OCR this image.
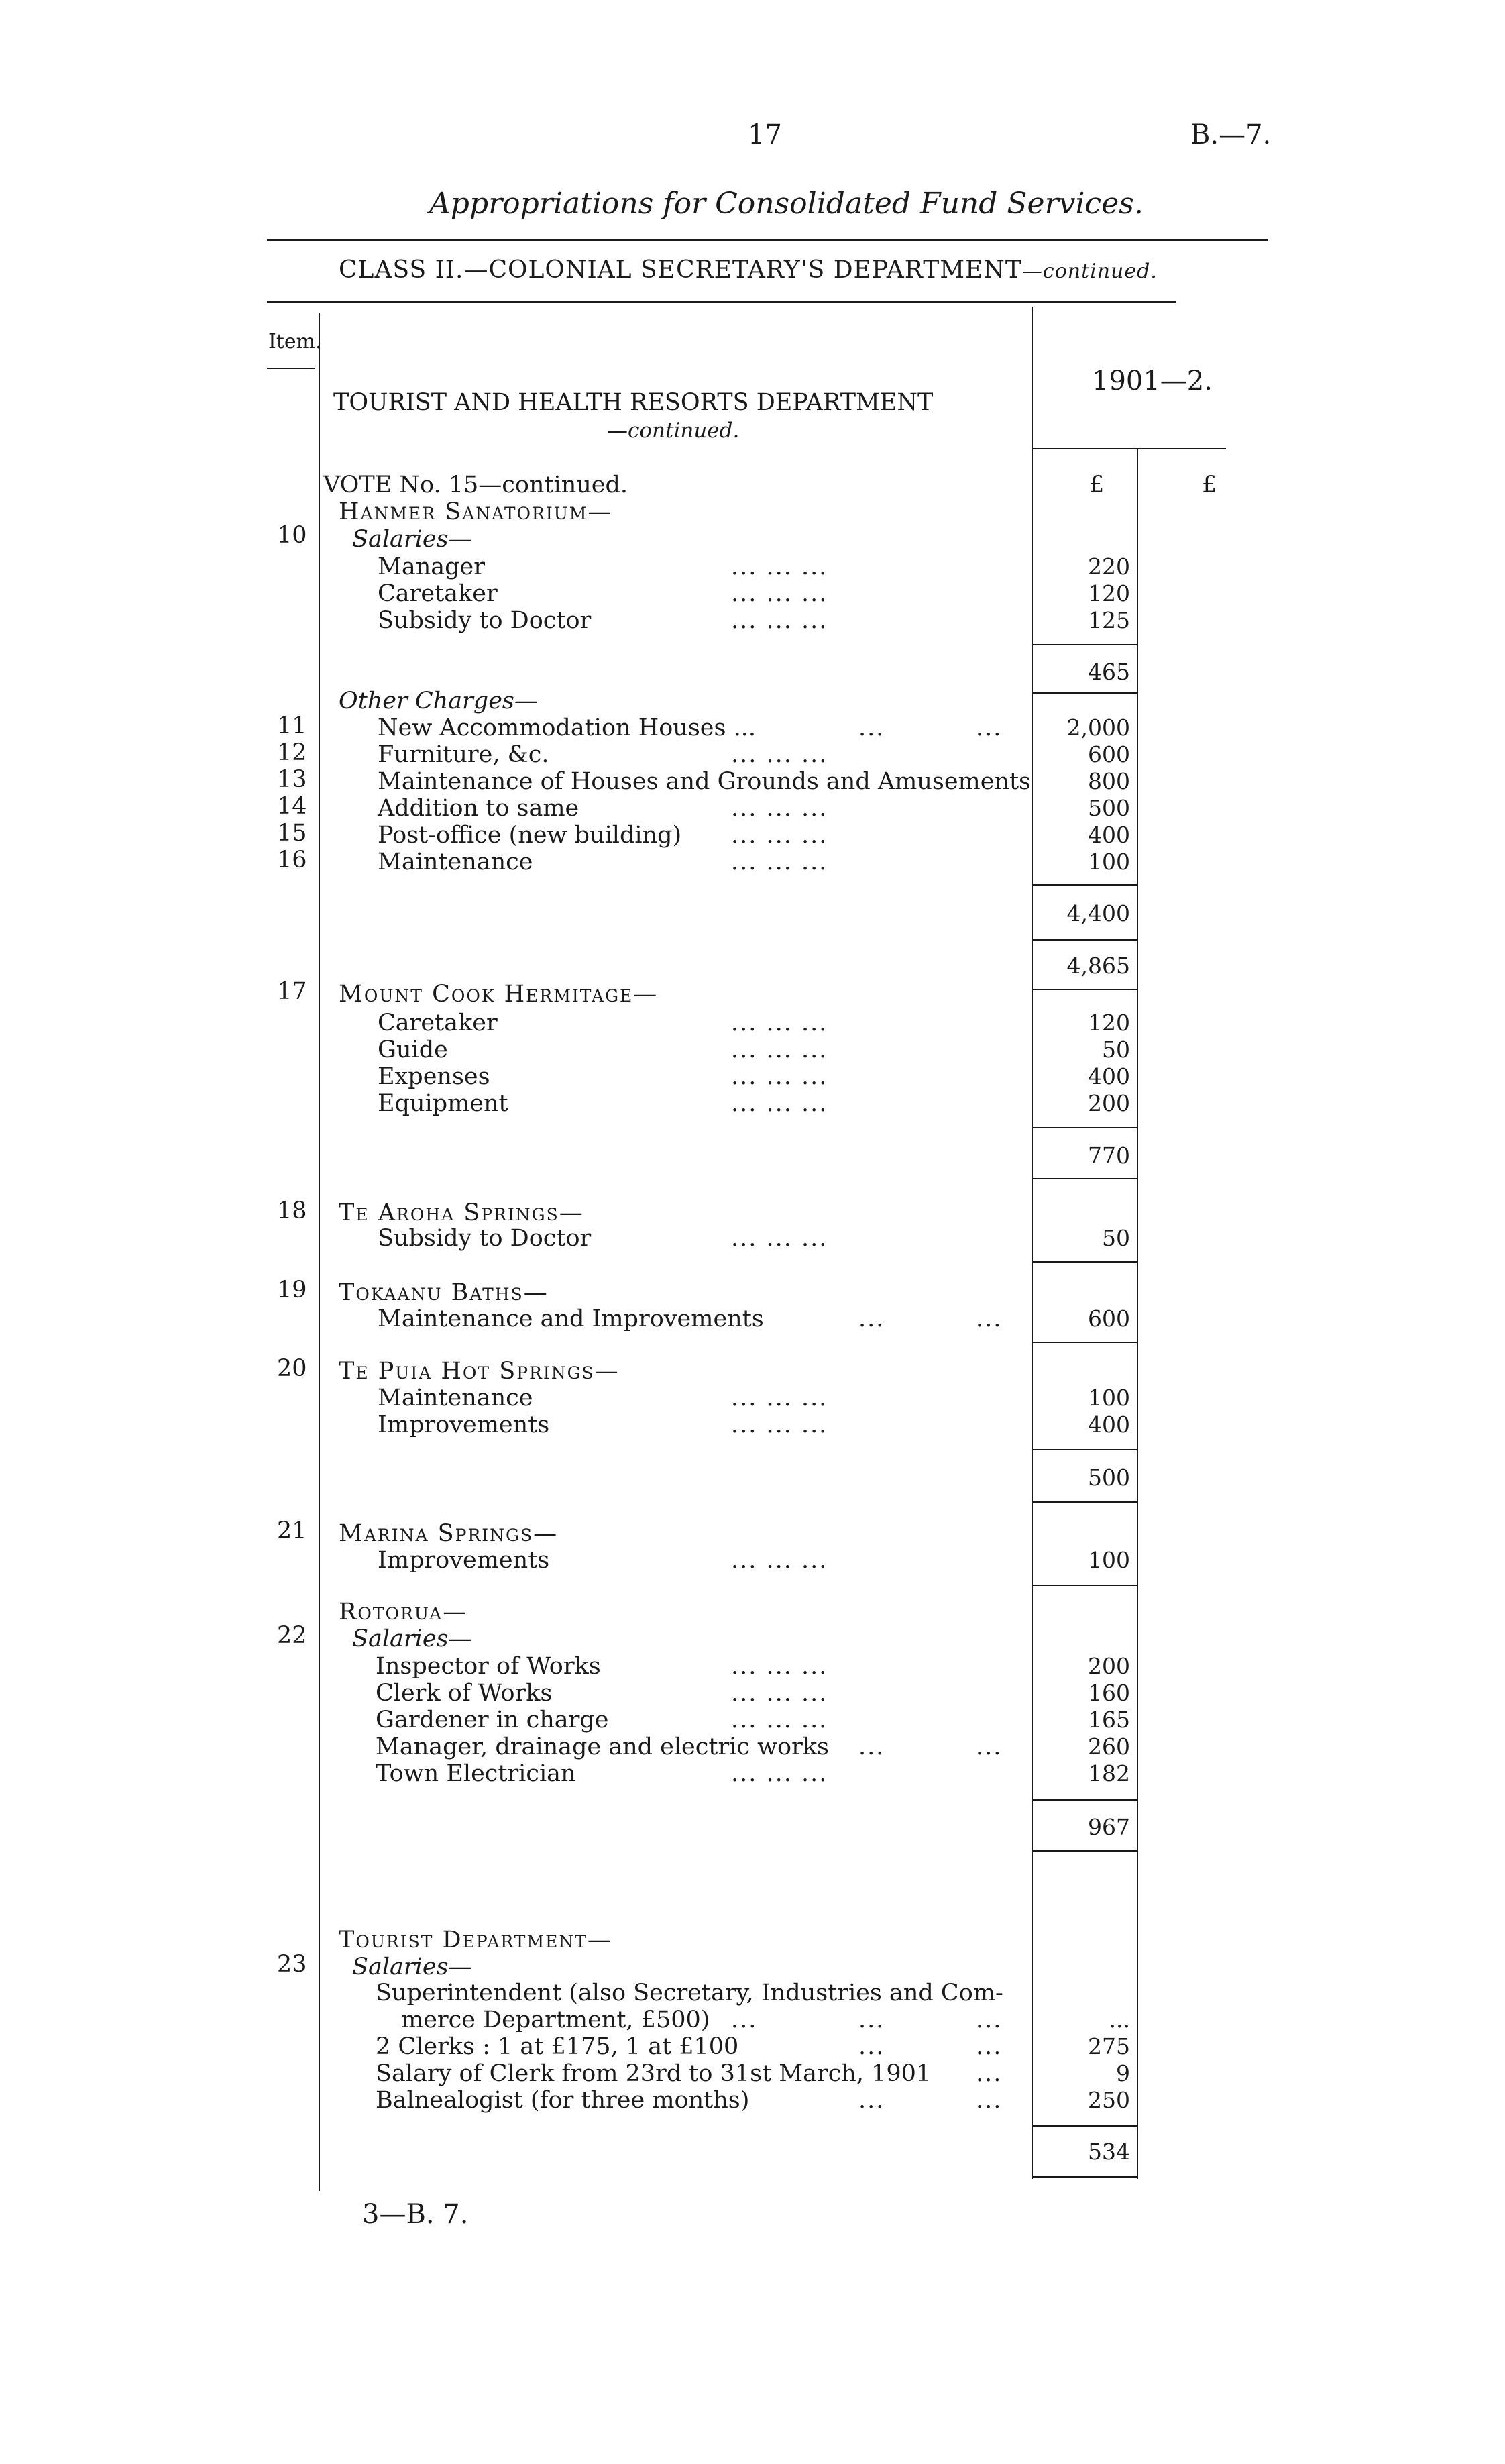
17	B.—7.
Appropriations for Consolidated Fund Services.
CLASS II.—COLONIAL SECRETARY'S DEPARTMENT—continued.
Item.
TOURIST AND HEALTH RESORTS DEPARTMENT
—continued.
1901—2.
VOTE No. 15—continued.	£	£
Hanmer Sanatorium—
10 Salaries—
Manager	... ... ...	220
Caretaker	... ... ...	120
Subsidy to Doctor	... ... ...	125
465
Other Charges—
11	New Accommodation Houses ...	...	...	2,000
12	Furniture, &c.	... ... ...	600
13	Maintenance of Houses and Grounds and Amusements	800
14	Addition to same	... ... ...	500
15	Post-office (new building) ... ... ...	400
16	Maintenance	... ... ...	100
4,400
4,865
17 Mount Cook Hermitage—
Caretaker	... ... ...	120
Guide	... ... ...	50
Expenses	... ... ...	400
Equipment	... ... ...	200
770
18 Te Aroha Springs—
Subsidy to Doctor	... ... ...	50
19 Tokaanu Baths—
Maintenance and Improvements	...	...	600
20 Te Puia Hot Springs—
Maintenance	... ... ...	100
Improvements	... ... ...	400
500
21 Marina Springs—
Improvements	... ... ...	100
Rotorua—
22 Salaries—
Inspector of Works	... ... ...	200
Clerk of Works	... ... ...	160
Gardener in charge	... ... ...	165
Manager, drainage and electric works ...	...	260
Town Electrician	... ... ...	182
967
Tourist Department—
23 Salaries—
Superintendent (also Secretary, Industries and Com-
merce Department, £500) ...	...	...	...
2 Clerks : 1 at £175, 1 at £100	...	...	275
Salary of Clerk from 23rd to 31st March, 1901 ...	9
Balnealogist (for three months)	...	...	250
534
3—B. 7.
